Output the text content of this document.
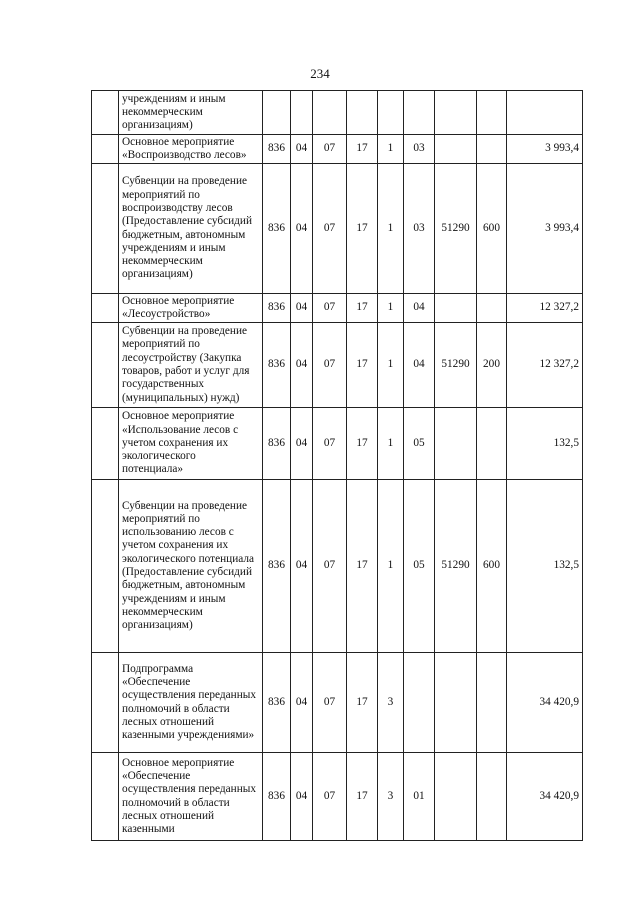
234
	учреждениям и иным некоммерческим организациям)									
	Основное мероприятие «Воспроизводство лесов»	836	04	07	17	1	03			3 993,4
	Субвенции на проведение мероприятий по воспроизводству лесов (Предоставление субсидий бюджетным, автономным учреждениям и иным некоммерческим организациям)	836	04	07	17	1	03	51290	600	3 993,4
	Основное мероприятие «Лесоустройство»	836	04	07	17	1	04			12 327,2
	Субвенции на проведение мероприятий по лесоустройству (Закупка товаров, работ и услуг для государственных (муниципальных) нужд)	836	04	07	17	1	04	51290	200	12 327,2
	Основное мероприятие «Использование лесов с учетом сохранения их экологического потенциала»	836	04	07	17	1	05			132,5
	Субвенции на проведение мероприятий по использованию лесов с учетом сохранения их экологического потенциала (Предоставление субсидий бюджетным, автономным учреждениям и иным некоммерческим организациям)	836	04	07	17	1	05	51290	600	132,5
	Подпрограмма «Обеспечение осуществления переданных полномочий в области лесных отношений казенными учреждениями»	836	04	07	17	3				34 420,9
	Основное мероприятие «Обеспечение осуществления переданных полномочий в области лесных отношений казенными	836	04	07	17	3	01			34 420,9
